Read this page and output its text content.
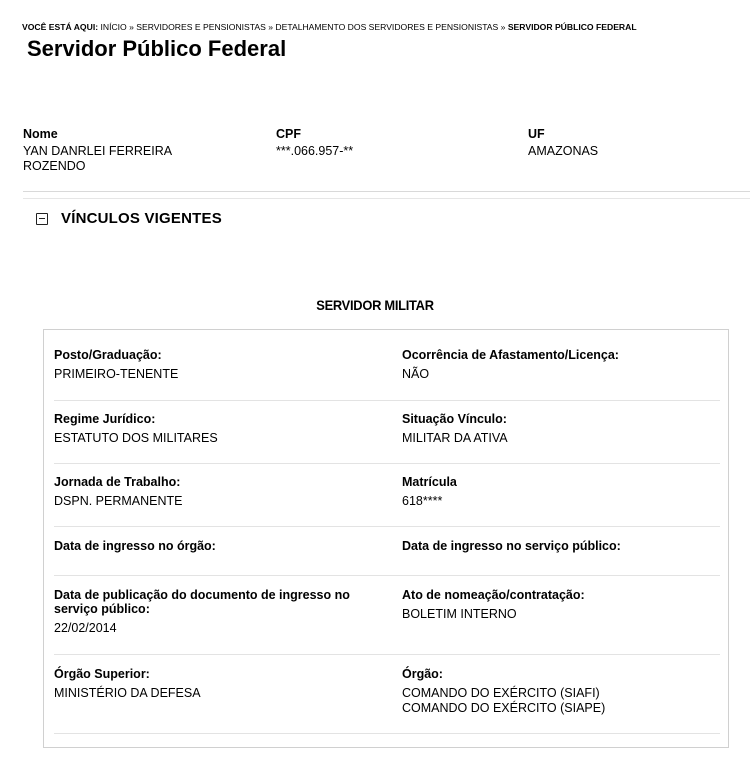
VOCÊ ESTÁ AQUI: INÍCIO » SERVIDORES E PENSIONISTAS » DETALHAMENTO DOS SERVIDORES E PENSIONISTAS » SERVIDOR PÚBLICO FEDERAL
Servidor Público Federal
Nome
YAN DANRLEI FERREIRA ROZENDO
CPF
***.066.957-**
UF
AMAZONAS
VÍNCULOS VIGENTES
SERVIDOR MILITAR
Posto/Graduação:
PRIMEIRO-TENENTE
Ocorrência de Afastamento/Licença:
NÃO
Regime Jurídico:
ESTATUTO DOS MILITARES
Situação Vínculo:
MILITAR DA ATIVA
Jornada de Trabalho:
DSPN. PERMANENTE
Matrícula
618****
Data de ingresso no órgão:	Data de ingresso no serviço público:
Data de publicação do documento de ingresso no serviço público:
22/02/2014
Ato de nomeação/contratação:
BOLETIM INTERNO
Órgão Superior:
MINISTÉRIO DA DEFESA
Órgão:
COMANDO DO EXÉRCITO (SIAFI)
COMANDO DO EXÉRCITO (SIAPE)
